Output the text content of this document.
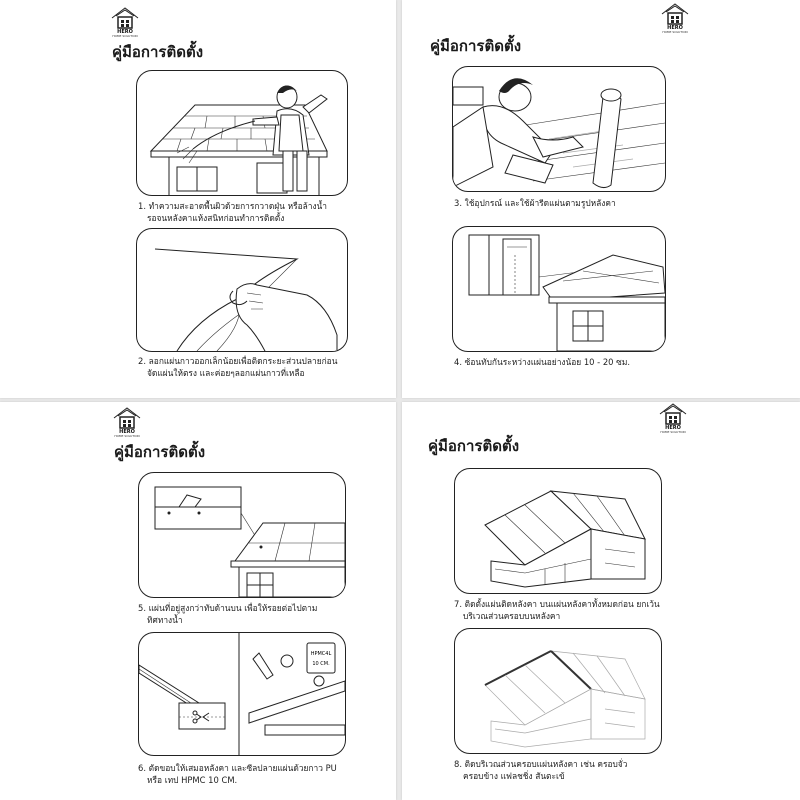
HERO
HOME SOLUTION
คู่มือการติดตั้ง
1. ทำความสะอาดพื้นผิวด้วยการกวาดฝุ่น หรือล้างน้ำ
รอจนหลังคาแห้งสนิทก่อนทำการติดตั้ง
2. ลอกแผ่นกาวออกเล็กน้อยเพื่อติดกระยะส่วนปลายก่อน
จัดแผ่นให้ตรง และค่อยๆลอกแผ่นกาวที่เหลือ
HERO
HOME SOLUTION
คู่มือการติดตั้ง
3. ใช้อุปกรณ์ และใช้ผ้ารีดแผ่นตามรูปหลังคา
4. ซ้อนทับกันระหว่างแผ่นอย่างน้อย 10 - 20 ซม.
HERO
HOME SOLUTION
คู่มือการติดตั้ง
5. แผ่นที่อยู่สูงกว่าทับด้านบน เพื่อให้รอยต่อไปตาม
ทิศทางน้ำ
HPMC4L
10 CM.
6. ตัดขอบให้เสมอหลังคา และซีลปลายแผ่นด้วยกาว PU
หรือ เทป HPMC 10 CM.
HERO
HOME SOLUTION
คู่มือการติดตั้ง
7. ติดตั้งแผ่นติดหลังคา บนแผ่นหลังคาทั้งหมดก่อน ยกเว้น
บริเวณส่วนครอบบนหลังคา
8. ติดบริเวณส่วนครอบแผ่นหลังคา เช่น ครอบจั่ว
ครอบข้าง แฟลชชิ่ง สันตะเข้
